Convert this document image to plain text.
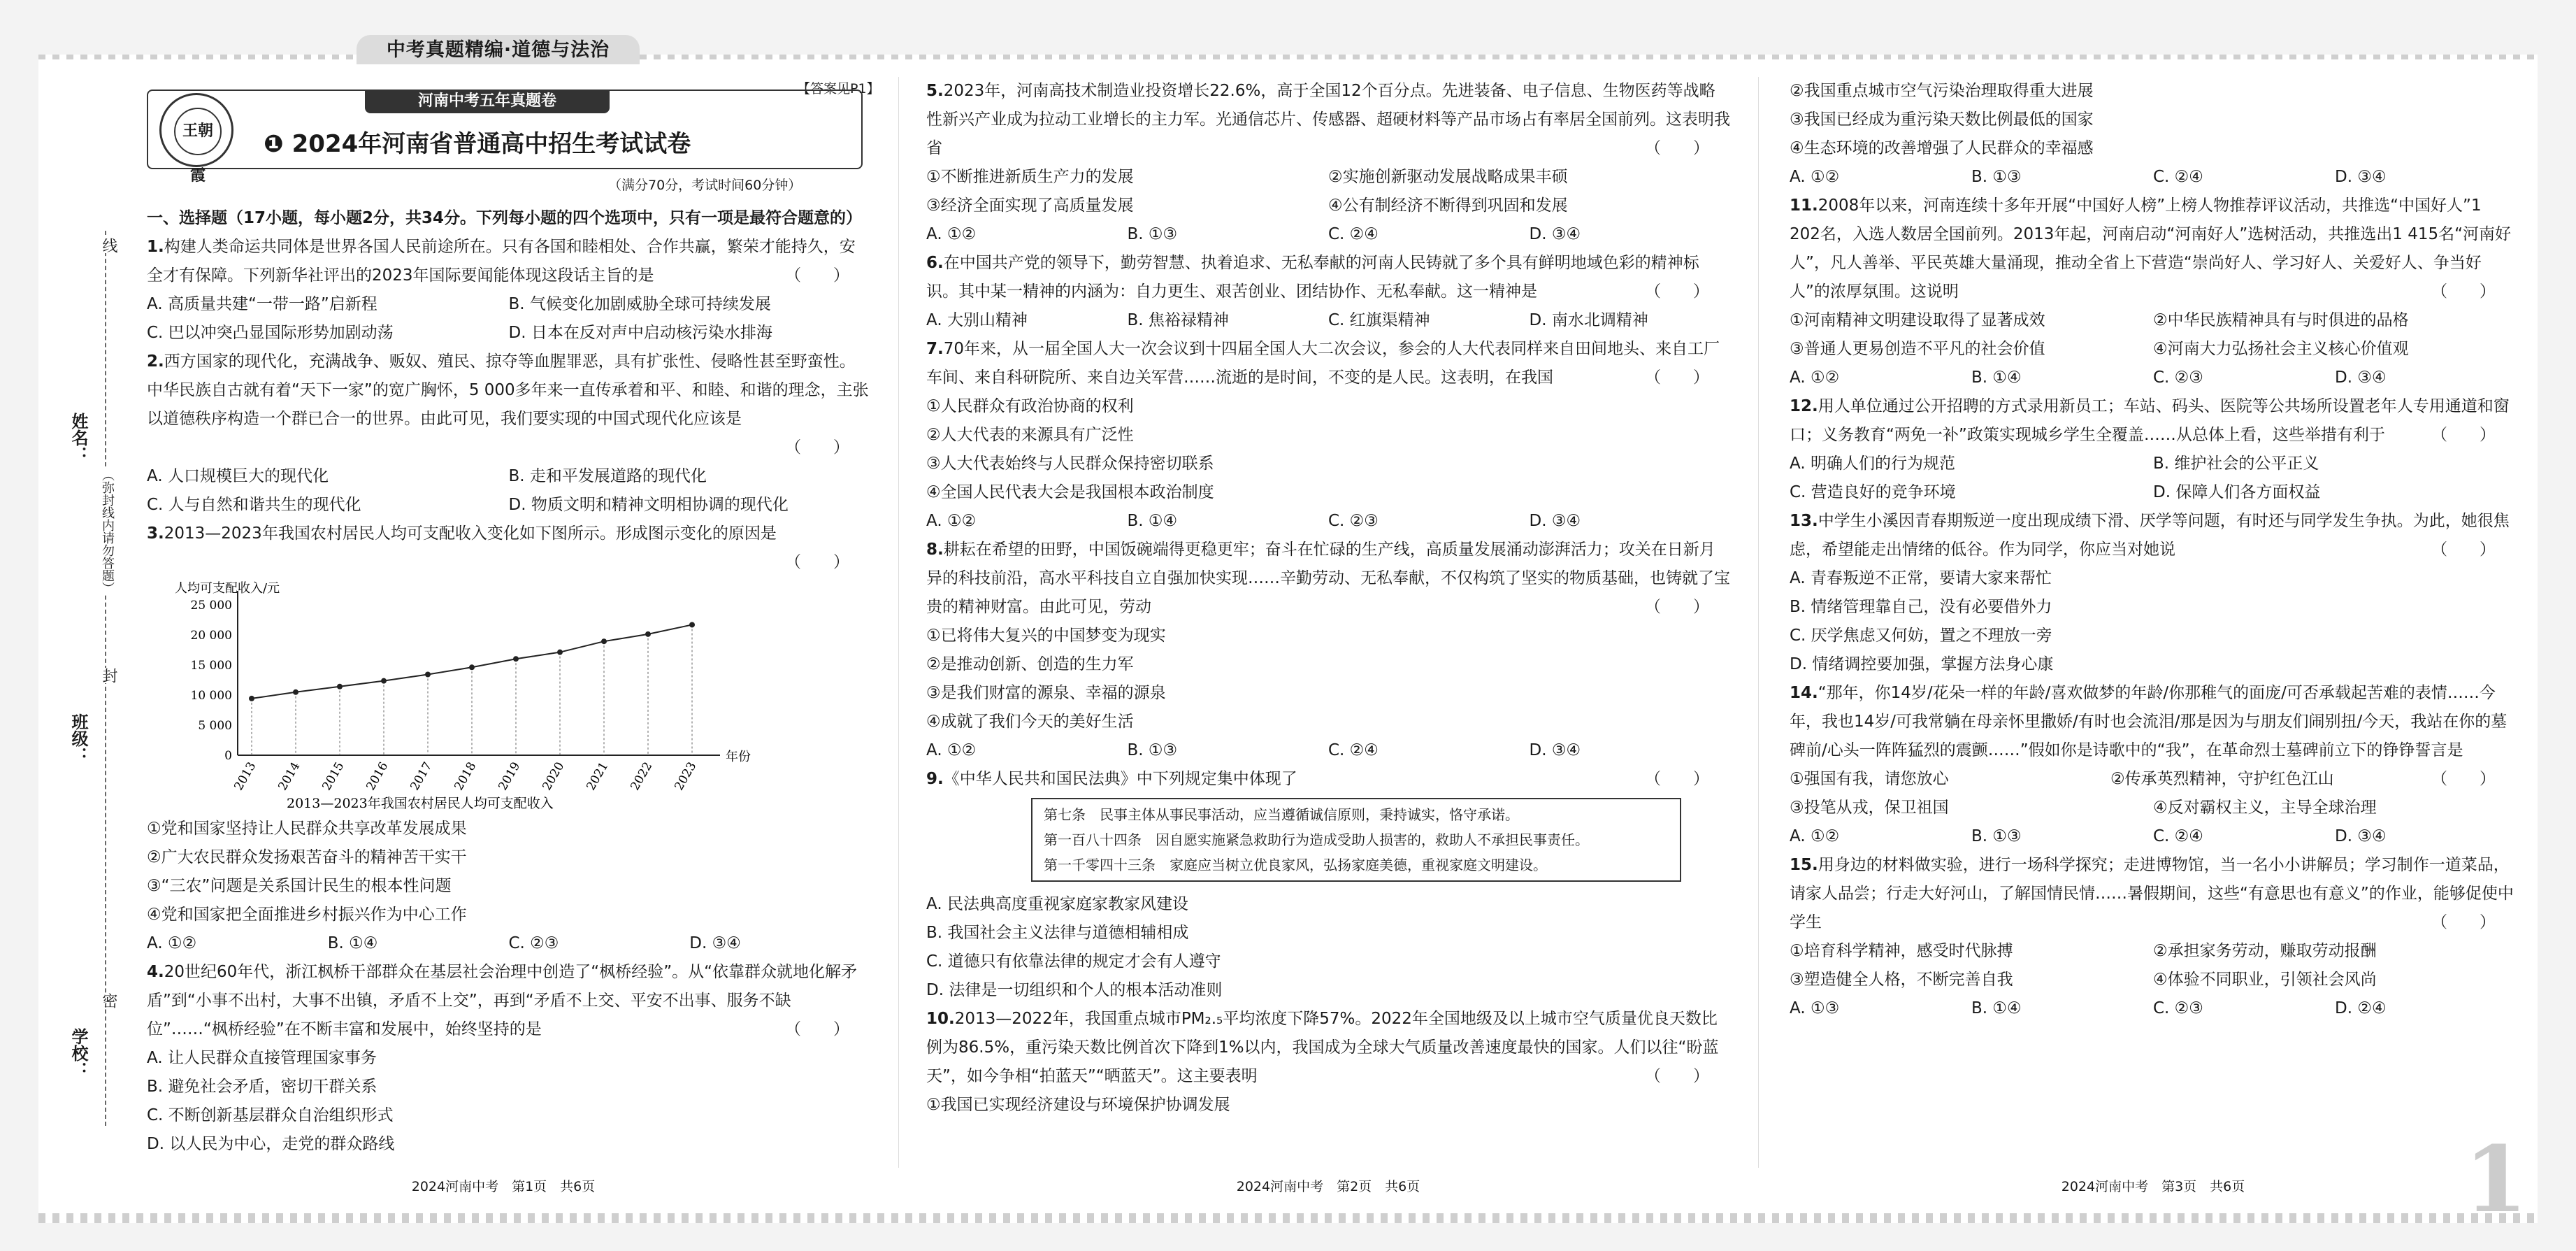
中考真题精编·道德与法治
姓名：
班级：
学校：
（弥封线内请勿答题）
线
封
密
【答案见P1】
河南中考五年真题卷
❶ 2024年河南省普通高中招生考试试卷
王朝霞
（满分70分，考试时间60分钟）

一、选择题（17小题，每小题2分，共34分。下列每小题的四个选项中，只有一项是最符合题意的）

1.构建人类命运共同体是世界各国人民前途所在。只有各国和睦相处、合作共赢，繁荣才能持久，安全才有保障。下列新华社评出的2023年国际要闻能体现这段话主旨的是	（　　）

A. 高质量共建“一带一路”启新程	B. 气候变化加剧威胁全球可持续发展
C. 巴以冲突凸显国际形势加剧动荡	D. 日本在反对声中启动核污染水排海

2.西方国家的现代化，充满战争、贩奴、殖民、掠夺等血腥罪恶，具有扩张性、侵略性甚至野蛮性。中华民族自古就有着“天下一家”的宽广胸怀，5 000多年来一直传承着和平、和睦、和谐的理念，主张以道德秩序构造一个群已合一的世界。由此可见，我们要实现的中国式现代化应该是

（　　）

A. 人口规模巨大的现代化	B. 走和平发展道路的现代化
C. 人与自然和谐共生的现代化	D. 物质文明和精神文明相协调的现代化

3.2013—2023年我国农村居民人均可支配收入变化如下图所示。形成图示变化的原因是

（　　）

人均可支配收入/元
0
5 000
10 000
15 000
20 000
25 000
2013 2014 2015 2016 2017 2018 2019 2020 2021 2022 2023
年份
2013—2023年我国农村居民人均可支配收入

①党和国家坚持让人民群众共享改革发展成果

②广大农民群众发扬艰苦奋斗的精神苦干实干

③“三农”问题是关系国计民生的根本性问题

④党和国家把全面推进乡村振兴作为中心工作

A. ①②	B. ①④	C. ②③	D. ③④

4.20世纪60年代，浙江枫桥干部群众在基层社会治理中创造了“枫桥经验”。从“依靠群众就地化解矛盾”到“小事不出村，大事不出镇，矛盾不上交”，再到“矛盾不上交、平安不出事、服务不缺位”……“枫桥经验”在不断丰富和发展中，始终坚持的是	（　　）

A. 让人民群众直接管理国家事务

B. 避免社会矛盾，密切干群关系

C. 不断创新基层群众自治组织形式

D. 以人民为中心，走党的群众路线

2024河南中考　第1页　共6页

5.2023年，河南高技术制造业投资增长22.6%，高于全国12个百分点。先进装备、电子信息、生物医药等战略性新兴产业成为拉动工业增长的主力军。光通信芯片、传感器、超硬材料等产品市场占有率居全国前列。这表明我省	（　　）

①不断推进新质生产力的发展	②实施创新驱动发展战略成果丰硕
③经济全面实现了高质量发展	④公有制经济不断得到巩固和发展
A. ①②	B. ①③	C. ②④	D. ③④

6.在中国共产党的领导下，勤劳智慧、执着追求、无私奉献的河南人民铸就了多个具有鲜明地域色彩的精神标识。其中某一精神的内涵为：自力更生、艰苦创业、团结协作、无私奉献。这一精神是	（　　）

A. 大别山精神	B. 焦裕禄精神	C. 红旗渠精神	D. 南水北调精神

7.70年来，从一届全国人大一次会议到十四届全国人大二次会议，参会的人大代表同样来自田间地头、来自工厂车间、来自科研院所、来自边关军营……流逝的是时间，不变的是人民。这表明，在我国	（　　）

①人民群众有政治协商的权利

②人大代表的来源具有广泛性

③人大代表始终与人民群众保持密切联系

④全国人民代表大会是我国根本政治制度

A. ①②	B. ①④	C. ②③	D. ③④

8.耕耘在希望的田野，中国饭碗端得更稳更牢；奋斗在忙碌的生产线，高质量发展涌动澎湃活力；攻关在日新月异的科技前沿，高水平科技自立自强加快实现……辛勤劳动、无私奉献，不仅构筑了坚实的物质基础，也铸就了宝贵的精神财富。由此可见，劳动	（　　）

①已将伟大复兴的中国梦变为现实

②是推动创新、创造的生力军

③是我们财富的源泉、幸福的源泉

④成就了我们今天的美好生活

A. ①②	B. ①③	C. ②④	D. ③④

9.《中华人民共和国民法典》中下列规定集中体现了	（　　）

第七条　民事主体从事民事活动，应当遵循诚信原则，秉持诚实，恪守承诺。
第一百八十四条　因自愿实施紧急救助行为造成受助人损害的，救助人不承担民事责任。
第一千零四十三条　家庭应当树立优良家风，弘扬家庭美德，重视家庭文明建设。

A. 民法典高度重视家庭家教家风建设

B. 我国社会主义法律与道德相辅相成

C. 道德只有依靠法律的规定才会有人遵守

D. 法律是一切组织和个人的根本活动准则

10.2013—2022年，我国重点城市PM₂.₅平均浓度下降57%。2022年全国地级及以上城市空气质量优良天数比例为86.5%，重污染天数比例首次下降到1%以内，我国成为全球大气质量改善速度最快的国家。人们以往“盼蓝天”，如今争相“拍蓝天”“晒蓝天”。这主要表明	（　　）

①我国已实现经济建设与环境保护协调发展

2024河南中考　第2页　共6页

②我国重点城市空气污染治理取得重大进展

③我国已经成为重污染天数比例最低的国家

④生态环境的改善增强了人民群众的幸福感

A. ①②	B. ①③	C. ②④	D. ③④

11.2008年以来，河南连续十多年开展“中国好人榜”上榜人物推荐评议活动，共推选“中国好人”1 202名，入选人数居全国前列。2013年起，河南启动“河南好人”选树活动，共推选出1 415名“河南好人”，凡人善举、平民英雄大量涌现，推动全省上下营造“崇尚好人、学习好人、关爱好人、争当好人”的浓厚氛围。这说明	（　　）

①河南精神文明建设取得了显著成效	②中华民族精神具有与时俱进的品格
③普通人更易创造不平凡的社会价值	④河南大力弘扬社会主义核心价值观
A. ①②	B. ①④	C. ②③	D. ③④

12.用人单位通过公开招聘的方式录用新员工；车站、码头、医院等公共场所设置老年人专用通道和窗口；义务教育“两免一补”政策实现城乡学生全覆盖……从总体上看，这些举措有利于	（　　）

A. 明确人们的行为规范	B. 维护社会的公平正义
C. 营造良好的竞争环境	D. 保障人们各方面权益

13.中学生小溪因青春期叛逆一度出现成绩下滑、厌学等问题，有时还与同学发生争执。为此，她很焦虑，希望能走出情绪的低谷。作为同学，你应当对她说	（　　）

A. 青春叛逆不正常，要请大家来帮忙

B. 情绪管理靠自己，没有必要借外力

C. 厌学焦虑又何妨，置之不理放一旁

D. 情绪调控要加强，掌握方法身心康

14.“那年，你14岁/花朵一样的年龄/喜欢做梦的年龄/你那稚气的面庞/可否承载起苦难的表情……今年，我也14岁/可我常躺在母亲怀里撒娇/有时也会流泪/那是因为与朋友们闹别扭/今天，我站在你的墓碑前/心头一阵阵猛烈的震颤……”假如你是诗歌中的“我”，在革命烈士墓碑前立下的铮铮誓言是
（　　）

①强国有我，请您放心	②传承英烈精神，守护红色江山
③投笔从戎，保卫祖国	④反对霸权主义，主导全球治理
A. ①②	B. ①③	C. ②④	D. ③④

15.用身边的材料做实验，进行一场科学探究；走进博物馆，当一名小小讲解员；学习制作一道菜品，请家人品尝；行走大好河山，了解国情民情……暑假期间，这些“有意思也有意义”的作业，能够促使中学生	（　　）

①培育科学精神，感受时代脉搏	②承担家务劳动，赚取劳动报酬
③塑造健全人格，不断完善自我	④体验不同职业，引领社会风尚
A. ①③	B. ①④	C. ②③	D. ②④
2024河南中考　第3页　共6页 1
